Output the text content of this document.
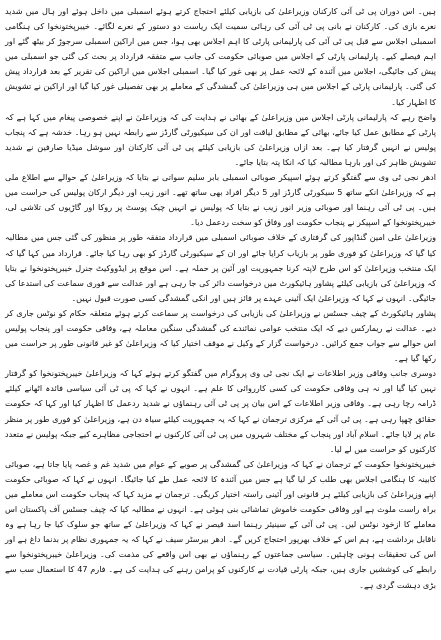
ہیں۔ اس دوران پی ٹی آئی کارکنان وزیراعلیٰ کی بازیابی کیلئے احتجاج کرتے ہوئے اسمبلی میں داخل ہوئے اور ہال میں شدید نعرے بازی کی۔ کارکنان نے بانی پی ٹی آئی کی رہائی سمیت ایک ریاست دو دستور کے نعرے لگائے۔ خیبرپختونخوا کی ہنگامی اسمبلی اجلاس سے قبل پی ٹی آئی کی پارلیمانی پارٹی کا اہم اجلاس بھی ہوا، جس میں اراکین اسمبلی سرجوڑ کر بیٹھ گئے اور اہم فیصلے کیے۔ پارلیمانی پارٹی کے اجلاس میں صوبائی حکومت کی جانب سے متفقہ قرارداد پر بحث کی گئی جو اسمبلی میں پیش کی جائیگی، اجلاس میں آئندہ کے لائحہ عمل پر بھی غور کیا گیا۔ اسمبلی اجلاس میں اراکین کی تقریر کے بعد قرارداد پیش کی گئی۔ پارلیمانی پارٹی کے اجلاس میں ہی وزیراعلیٰ کی گمشدگی کے معاملے پر بھی تفصیلی غور کیا گیا اور اراکین نے تشویش کا اظہار کیا۔

واضح رہے کہ پارلیمانی پارٹی اجلاس میں وزیراعلیٰ کے بھائی نے ہدایت کی کہ وزیراعلیٰ نے اپنے خصوصی پیغام میں کہا ہے کہ پارٹی کے مطابق عمل کیا جائے، بھائی کے مطابق لیاقت اور ان کی سیکیورٹی گارڈز سے رابطہ نہیں ہو رہا۔ خدشہ ہے کہ پنجاب پولیس نے انہیں گرفتار کیا ہے۔ بعد ازاں وزیراعلیٰ کی بازیابی کیلئے پی ٹی آئی کارکنان اور سوشل میڈیا صارفین نے شدید تشویش ظاہر کی اور بارہا مطالبہ کیا کہ انکا پتہ بتایا جائے۔

ادھر نجی ٹی وی سے گفتگو کرتے ہوئے اسپیکر صوبائی اسمبلی بابر سلیم سواتی نے بتایا کہ وزیراعلیٰ کے حوالے سے اطلاع ملی ہے کہ وزیراعلیٰ انکے ساتھ 5 سیکورٹی گارڈز اور 5 دیگر افراد بھی ساتھ تھے۔ انور زیب اور دیگر ارکان پولیس کی حراست میں ہیں۔ پی ٹی آئی رہنما اور صوبائی وزیر انور زیب نے بتایا کہ پولیس نے انہیں چیک پوسٹ پر روکا اور گاڑیوں کی تلاشی لی، خیبرپختونخوا کے اسپیکر نے پنجاب حکومت اور وفاق کو سخت ردعمل دیا۔

وزیراعلیٰ علی امین گنڈاپور کی گرفتاری کے خلاف صوبائی اسمبلی میں قرارداد متفقہ طور پر منظور کی گئی جس میں مطالبہ کیا گیا کہ وزیراعلیٰ کو فوری طور پر بازیاب کرایا جائے اور ان کے سیکیورٹی گارڈز کو بھی رہا کیا جائے۔ قرارداد میں کہا گیا کہ ایک منتخب وزیراعلیٰ کو اس طرح لاپتہ کرنا جمہوریت اور آئین پر حملہ ہے۔ اس موقع پر ایڈووکیٹ جنرل خیبرپختونخوا نے بتایا کہ وزیراعلیٰ کی بازیابی کیلئے پشاور ہائیکورٹ میں درخواست دائر کی جا رہی ہے اور عدالت سے فوری سماعت کی استدعا کی جائیگی۔ انہوں نے کہا کہ وزیراعلیٰ ایک آئینی عہدے پر فائز ہیں اور انکی گمشدگی کسی صورت قبول نہیں۔

پشاور ہائیکورٹ کے چیف جسٹس نے وزیراعلیٰ کی بازیابی کی درخواست پر سماعت کرتے ہوئے متعلقہ حکام کو نوٹس جاری کر دیے۔ عدالت نے ریمارکس دیے کہ ایک منتخب عوامی نمائندے کی گمشدگی سنگین معاملہ ہے، وفاقی حکومت اور پنجاب پولیس اس حوالے سے جواب جمع کرائیں۔ درخواست گزار کے وکیل نے موقف اختیار کیا کہ وزیراعلیٰ کو غیر قانونی طور پر حراست میں رکھا گیا ہے۔

دوسری جانب وفاقی وزیر اطلاعات نے ایک نجی ٹی وی پروگرام میں گفتگو کرتے ہوئے کہا کہ وزیراعلیٰ خیبرپختونخوا کو گرفتار نہیں کیا گیا اور نہ ہی وفاقی حکومت کی کسی کارروائی کا علم ہے۔ انہوں نے کہا کہ پی ٹی آئی سیاسی فائدہ اٹھانے کیلئے ڈرامہ رچا رہی ہے۔ وفاقی وزیر اطلاعات کے اس بیان پر پی ٹی آئی رہنماؤں نے شدید ردعمل کا اظہار کیا اور کہا کہ حکومت حقائق چھپا رہی ہے۔ پی ٹی آئی کے مرکزی ترجمان نے کہا کہ یہ جمہوریت کیلئے سیاہ دن ہے، وزیراعلیٰ کو فوری طور پر منظر عام پر لایا جائے۔ اسلام آباد اور پنجاب کے مختلف شہروں میں پی ٹی آئی کارکنوں نے احتجاجی مظاہرے کیے جبکہ پولیس نے متعدد کارکنوں کو حراست میں لے لیا۔

خیبرپختونخوا حکومت کے ترجمان نے کہا کہ وزیراعلیٰ کی گمشدگی پر صوبے کے عوام میں شدید غم و غصہ پایا جاتا ہے، صوبائی کابینہ کا ہنگامی اجلاس بھی طلب کر لیا گیا ہے جس میں آئندہ کا لائحہ عمل طے کیا جائیگا۔ انہوں نے کہا کہ صوبائی حکومت اپنے وزیراعلیٰ کی بازیابی کیلئے ہر قانونی اور آئینی راستہ اختیار کریگی۔ ترجمان نے مزید کہا کہ پنجاب حکومت اس معاملے میں براہ راست ملوث ہے اور وفاقی حکومت خاموش تماشائی بنی ہوئی ہے۔ انہوں نے مطالبہ کیا کہ چیف جسٹس آف پاکستان اس معاملے کا ازخود نوٹس لیں۔ پی ٹی آئی کے سینیئر رہنما اسد قیصر نے کہا کہ وزیراعلیٰ کے ساتھ جو سلوک کیا جا رہا ہے وہ ناقابل برداشت ہے، ہم اس کے خلاف بھرپور احتجاج کریں گے۔ ادھر بیرسٹر سیف نے کہا کہ یہ جمہوری نظام پر بدنما داغ ہے اور اس کی تحقیقات ہونی چاہئیں۔ سیاسی جماعتوں کے رہنماؤں نے بھی اس واقعے کی مذمت کی۔ وزیراعلیٰ خیبرپختونخوا سے رابطے کی کوششیں جاری ہیں، جبکہ پارٹی قیادت نے کارکنوں کو پرامن رہنے کی ہدایت کی ہے۔ فارم 47 کا استعمال سب سے بڑی دہشت گردی ہے۔
